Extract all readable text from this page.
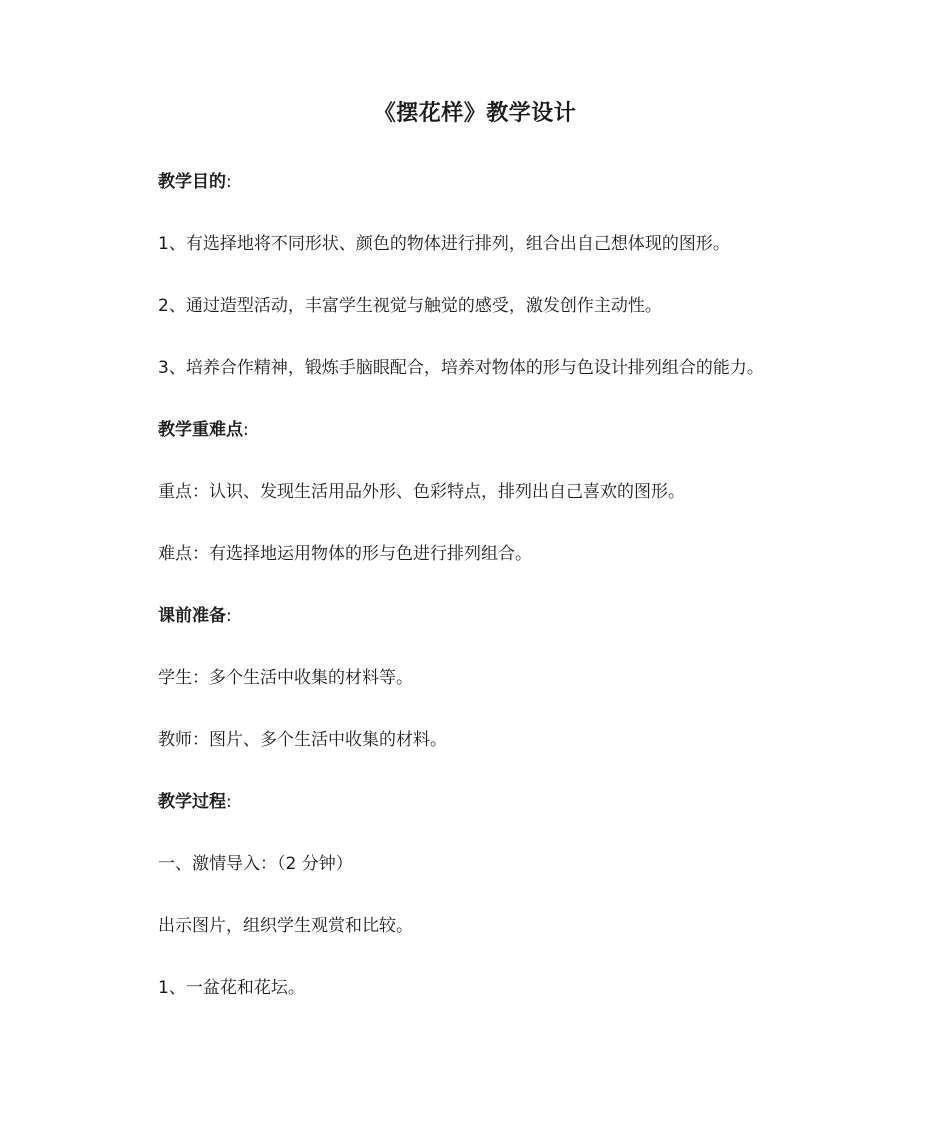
《摆花样》教学设计
教学目的:
1、有选择地将不同形状、颜色的物体进行排列，组合出自己想体现的图形。
2、通过造型活动，丰富学生视觉与触觉的感受，激发创作主动性。
3、培养合作精神，锻炼手脑眼配合，培养对物体的形与色设计排列组合的能力。
教学重难点:
重点：认识、发现生活用品外形、色彩特点，排列出自己喜欢的图形。
难点：有选择地运用物体的形与色进行排列组合。
课前准备:
学生：多个生活中收集的材料等。
教师：图片、多个生活中收集的材料。
教学过程:
一、激情导入：（2 分钟）
出示图片，组织学生观赏和比较。
1、一盆花和花坛。
